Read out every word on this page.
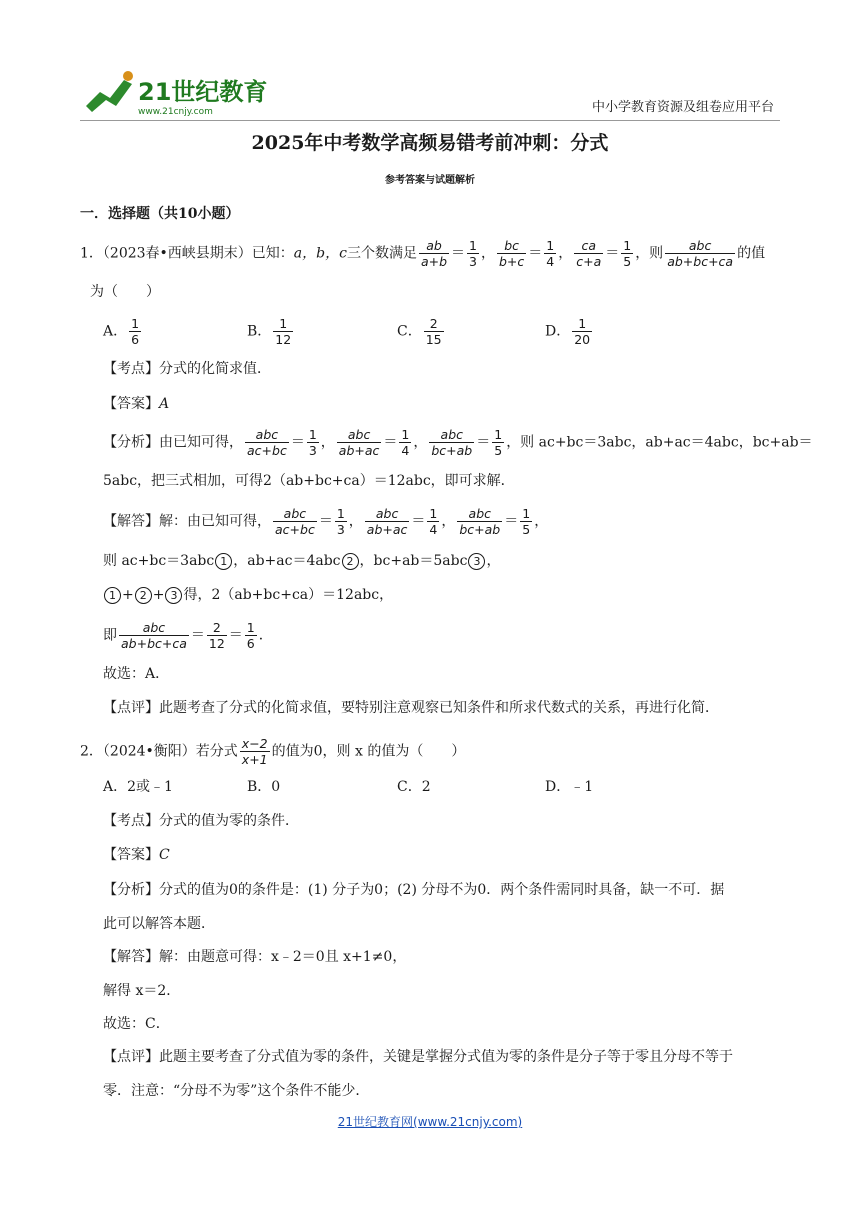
21世纪教育
www.21cnjy.com	中小学教育资源及组卷应用平台
2025年中考数学高频易错考前冲刺：分式
参考答案与试题解析
一．选择题（共10小题）
1．（2023春•西峡县期末）已知：a，b，c三个数满足 $\frac{ab}{a+b} = \frac{1}{3}$ ， $\frac{bc}{b+c} = \frac{1}{4}$ ， $\frac{ca}{c+a} = \frac{1}{5}$ ，则 $\frac{\text{abc}}{ab+bc+ca}$ 的值
为（　　）
A． $\frac{1}{6}$	B． $\frac{1}{12}$	C． $\frac{2}{15}$	D． $\frac{1}{20}$
【考点】分式的化简求值．
【答案】A
【分析】由已知可得， $\frac{\text{abc}}{ac+bc} = \frac{1}{3}$ ， $\frac{\text{abc}}{ab+ac} = \frac{1}{4}$ ， $\frac{\text{abc}}{bc+ab} = \frac{1}{5}$ ，则 ac+bc＝3abc，ab+ac＝4abc，bc+ab＝
5abc，把三式相加，可得2（ab+bc+ca）＝12abc，即可求解．
【解答】解：由已知可得， $\frac{\text{abc}}{ac+bc} = \frac{1}{3}$ ， $\frac{\text{abc}}{ab+ac} = \frac{1}{4}$ ， $\frac{\text{abc}}{bc+ab} = \frac{1}{5}$ ，
则 ac+bc＝3abc 1 ，ab+ac＝4abc 2 ，bc+ab＝5abc 3 ，
1 + 2 + 3 得，2（ab+bc+ca）＝12abc，
即 $\frac{\text{abc}}{ab+bc+ca} = \frac{2}{12} = \frac{1}{6}$ ．
故选：A．
【点评】此题考查了分式的化简求值，要特别注意观察已知条件和所求代数式的关系，再进行化简．
2．（2024•衡阳）若分式 $\frac{x-2}{x+1}$ 的值为0，则 x 的值为（　　）
A．2或﹣1	B．0	C．2	D．﹣1
【考点】分式的值为零的条件．
【答案】C
【分析】分式的值为0的条件是：(1) 分子为0；(2) 分母不为0．两个条件需同时具备，缺一不可．据
此可以解答本题．
【解答】解：由题意可得：x﹣2＝0且 x+1≠0，
解得 x＝2．
故选：C．
【点评】此题主要考查了分式值为零的条件，关键是掌握分式值为零的条件是分子等于零且分母不等于
零．注意：“分母不为零”这个条件不能少．
21世纪教育网(www.21cnjy.com)
